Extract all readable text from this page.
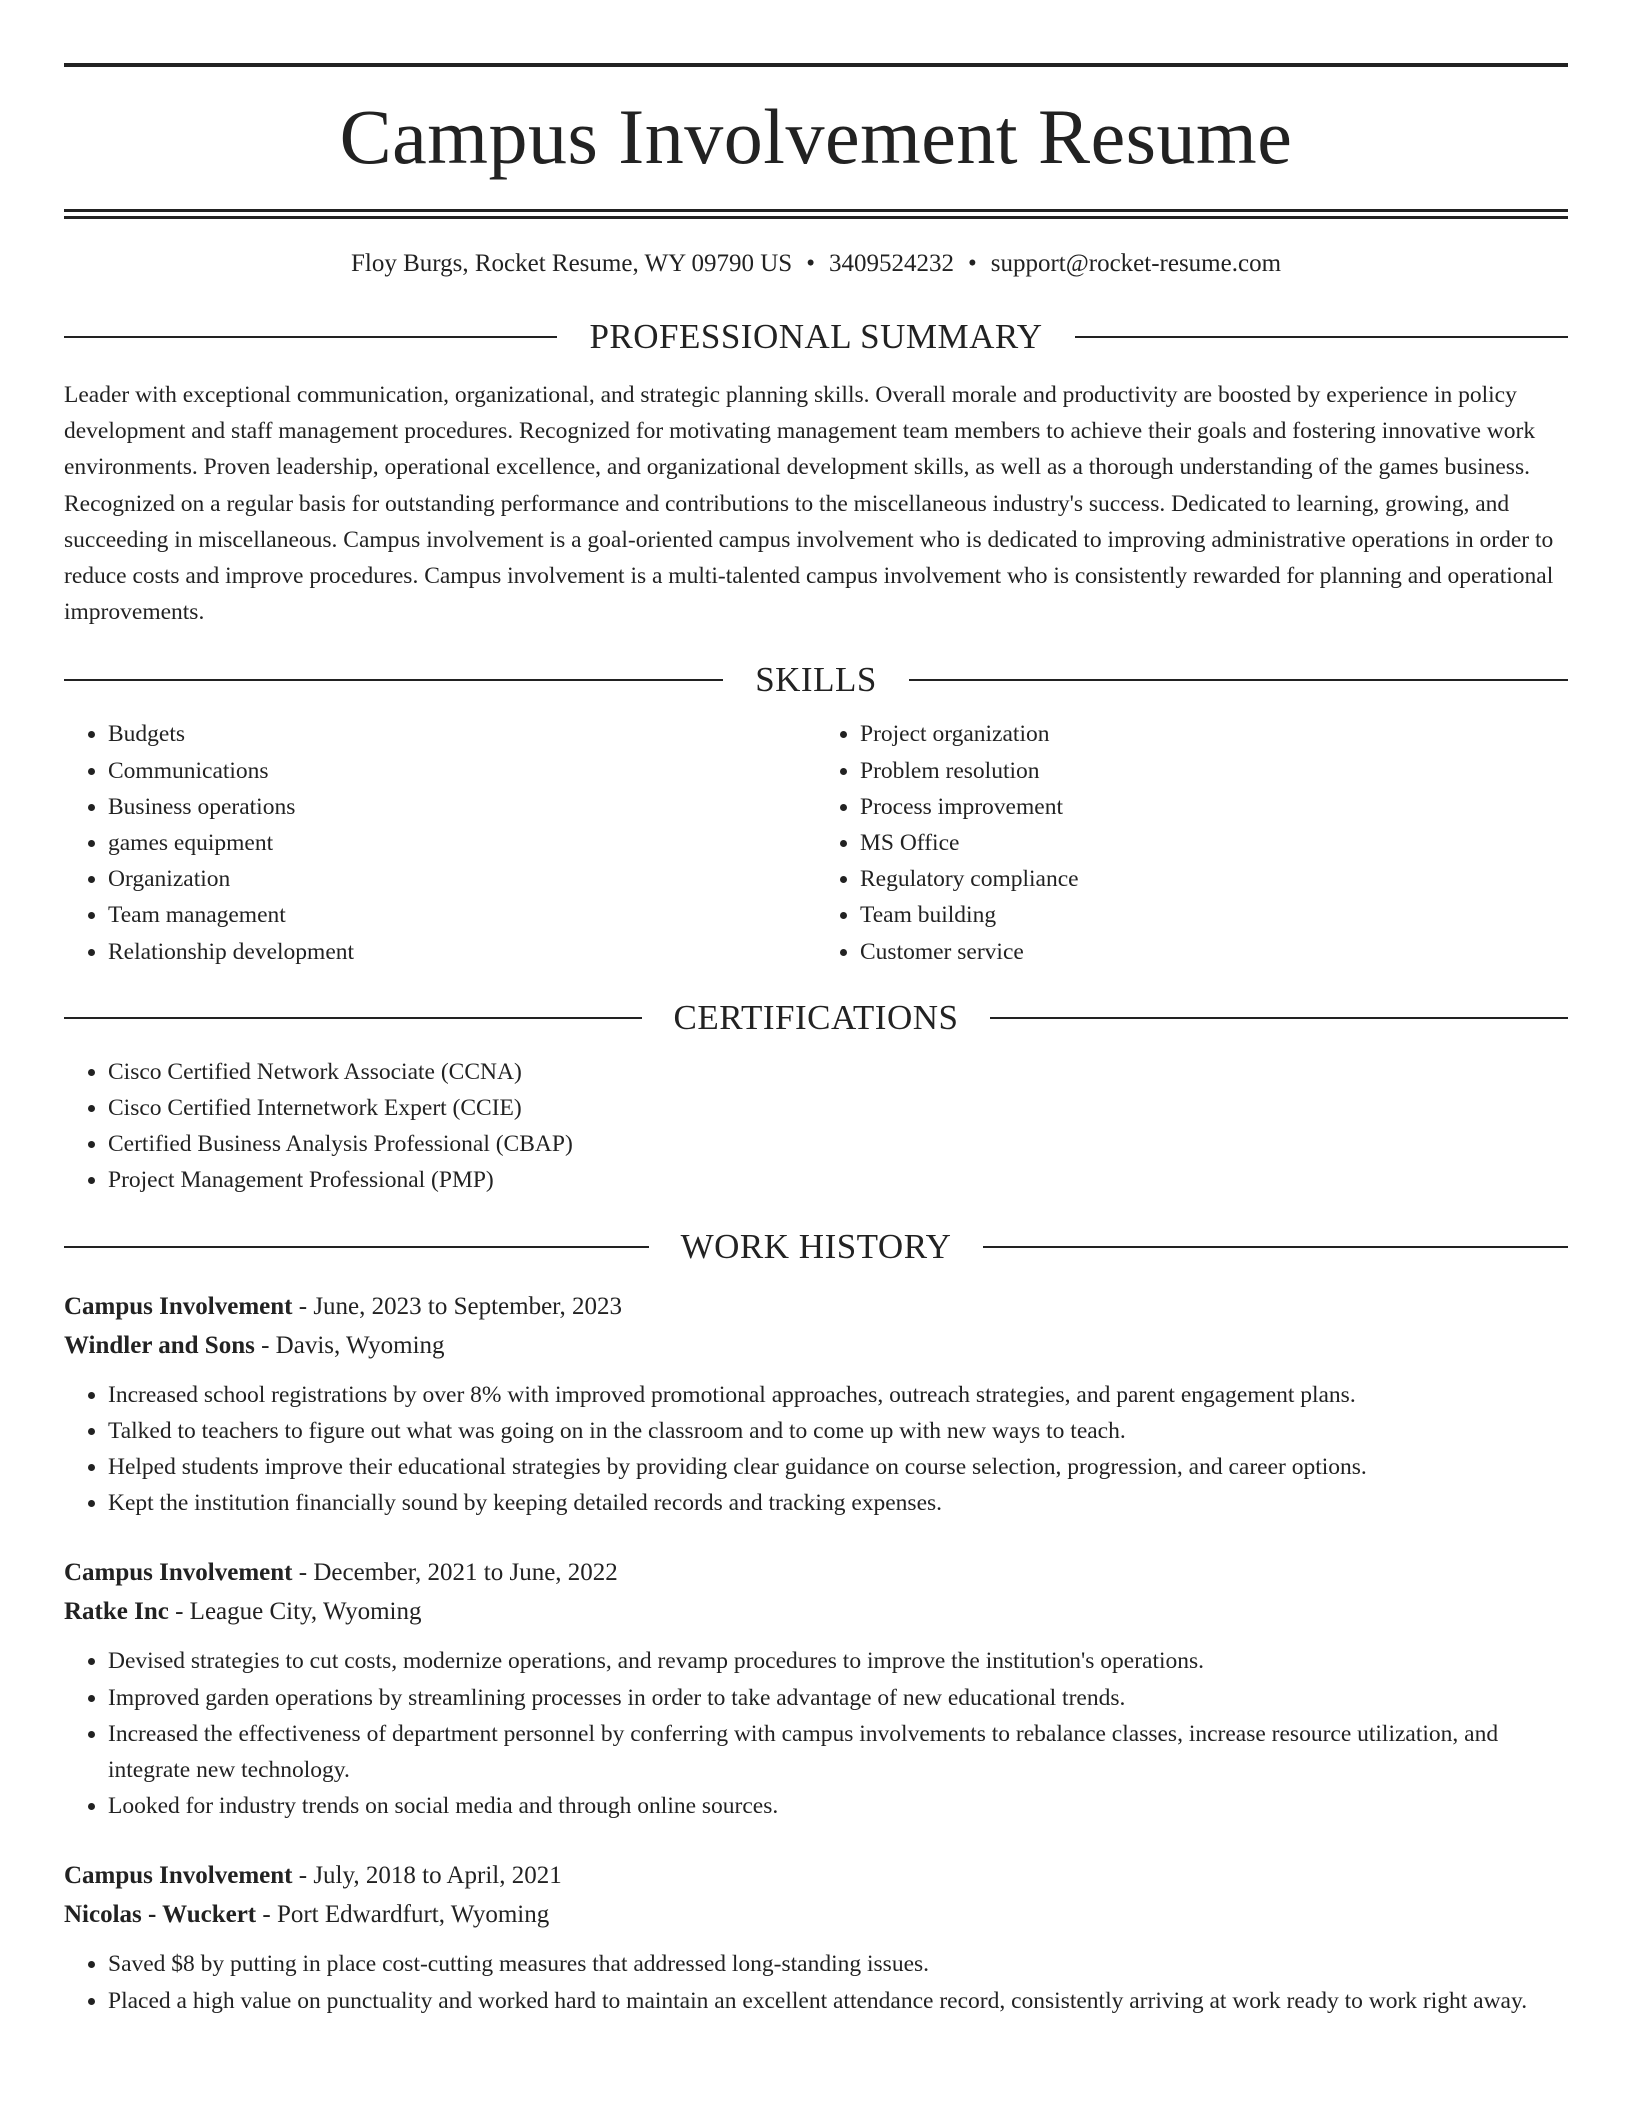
Campus Involvement Resume
Floy Burgs, Rocket Resume, WY 09790 US • 3409524232 • support@rocket-resume.com
PROFESSIONAL SUMMARY

Leader with exceptional communication, organizational, and strategic planning skills. Overall morale and productivity are boosted by experience in policy development and staff management procedures. Recognized for motivating management team members to achieve their goals and fostering innovative work environments. Proven leadership, operational excellence, and organizational development skills, as well as a thorough understanding of the games business. Recognized on a regular basis for outstanding performance and contributions to the miscellaneous industry's success. Dedicated to learning, growing, and succeeding in miscellaneous. Campus involvement is a goal-oriented campus involvement who is dedicated to improving administrative operations in order to reduce costs and improve procedures. Campus involvement is a multi-talented campus involvement who is consistently rewarded for planning and operational improvements.

SKILLS
• Budgets
• Communications
• Business operations
• games equipment
• Organization
• Team management
• Relationship development
• Project organization
• Problem resolution
• Process improvement
• MS Office
• Regulatory compliance
• Team building
• Customer service
CERTIFICATIONS
• Cisco Certified Network Associate (CCNA)
• Cisco Certified Internetwork Expert (CCIE)
• Certified Business Analysis Professional (CBAP)
• Project Management Professional (PMP)
WORK HISTORY
Campus Involvement - June, 2023 to September, 2023
Windler and Sons - Davis, Wyoming
• Increased school registrations by over 8% with improved promotional approaches, outreach strategies, and parent engagement plans.
• Talked to teachers to figure out what was going on in the classroom and to come up with new ways to teach.
• Helped students improve their educational strategies by providing clear guidance on course selection, progression, and career options.
• Kept the institution financially sound by keeping detailed records and tracking expenses.
Campus Involvement - December, 2021 to June, 2022
Ratke Inc - League City, Wyoming
• Devised strategies to cut costs, modernize operations, and revamp procedures to improve the institution's operations.
• Improved garden operations by streamlining processes in order to take advantage of new educational trends.
• Increased the effectiveness of department personnel by conferring with campus involvements to rebalance classes, increase resource utilization, and integrate new technology.
• Looked for industry trends on social media and through online sources.
Campus Involvement - July, 2018 to April, 2021
Nicolas - Wuckert - Port Edwardfurt, Wyoming
• Saved $8 by putting in place cost-cutting measures that addressed long-standing issues.
• Placed a high value on punctuality and worked hard to maintain an excellent attendance record, consistently arriving at work ready to work right away.
